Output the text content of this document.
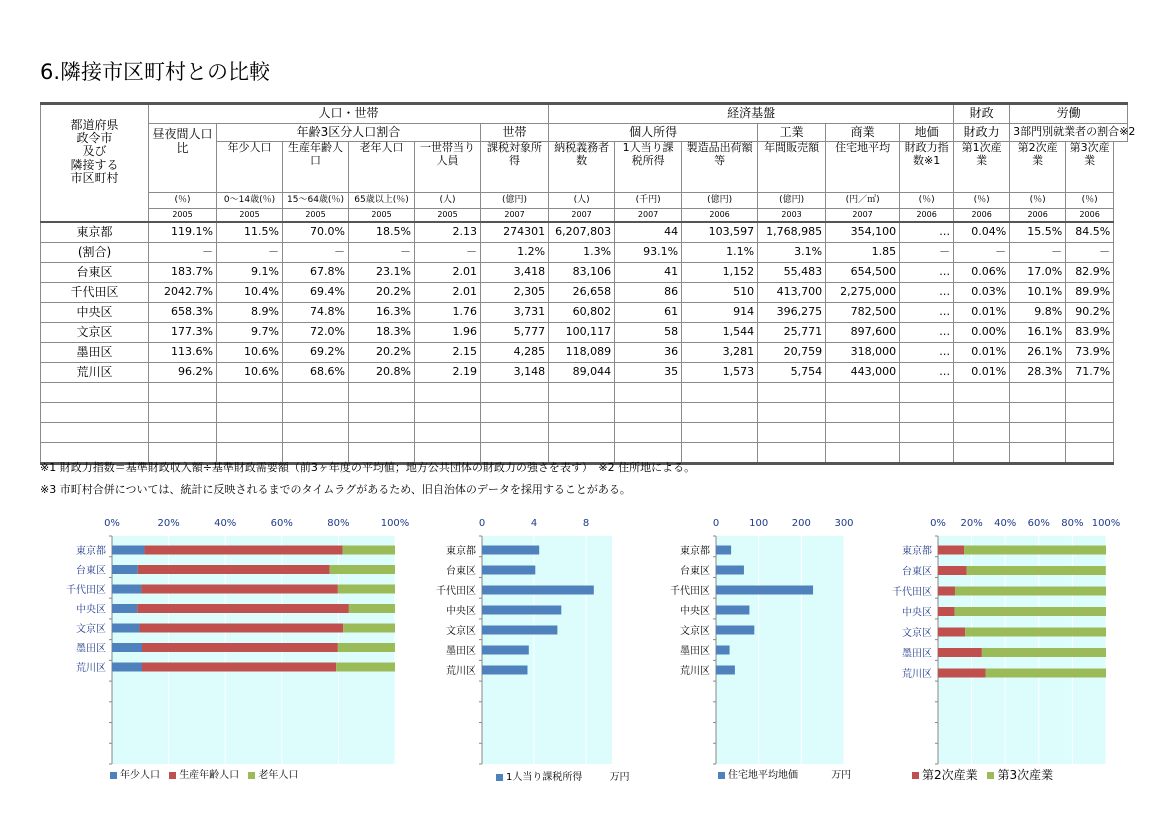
6.隣接市区町村との比較
都道府県
政令市
及び
隣接する
市区町村	人口・世帯						経済基盤						財政	労働	
	昼夜間人口比	年齢3区分人口割合				世帯	個人所得			工業	商業	地価	財政力	3部門別就業者の割合※2	
		年少人口	生産年齢人口	老年人口	一世帯当り人員	課税対象所得	納税義務者数	1人当り課税所得	製造品出荷額等	年間販売額	住宅地平均	財政力指数※1	第1次産業	第2次産業	第3次産業
	(％)	0～14歳(％)	15～64歳(％)	65歳以上(％)	(人)	(億円)	(人)	(千円)	(億円)	(億円)	(円／㎡)	(％)	(％)	(％)	(％)
	2005	2005	2005	2005	2005	2007	2007	2007	2006	2003	2007	2006	2006	2006	2006
東京都	119.1%	11.5%	70.0%	18.5%	2.13	274301	6,207,803	44	103,597	1,768,985	354,100	…	0.04%	15.5%	84.5%
(割合)	－	－	－	－	－	1.2%	1.3%	93.1%	1.1%	3.1%	1.85	－	－	－	－
台東区	183.7%	9.1%	67.8%	23.1%	2.01	3,418	83,106	41	1,152	55,483	654,500	…	0.06%	17.0%	82.9%
千代田区	2042.7%	10.4%	69.4%	20.2%	2.01	2,305	26,658	86	510	413,700	2,275,000	…	0.03%	10.1%	89.9%
中央区	658.3%	8.9%	74.8%	16.3%	1.76	3,731	60,802	61	914	396,275	782,500	…	0.01%	9.8%	90.2%
文京区	177.3%	9.7%	72.0%	18.3%	1.96	5,777	100,117	58	1,544	25,771	897,600	…	0.00%	16.1%	83.9%
墨田区	113.6%	10.6%	69.2%	20.2%	2.15	4,285	118,089	36	3,281	20,759	318,000	…	0.01%	26.1%	73.9%
荒川区	96.2%	10.6%	68.6%	20.8%	2.19	3,148	89,044	35	1,573	5,754	443,000	…	0.01%	28.3%	71.7%

※1 財政力指数＝基準財政収入額÷基準財政需要額（前3ヶ年度の平均値；地方公共団体の財政力の強さを表す）　※2 住所地による。
※3 市町村合併については、統計に反映されるまでのタイムラグがあるため、旧自治体のデータを採用することがある。
0%	20%	40%	60%	80%	100%
東京都
台東区
千代田区
中央区
文京区
墨田区
荒川区
0	4	8
東京都
台東区
千代田区
中央区
文京区
墨田区
荒川区
0	100 200 300
東京都
台東区
千代田区
中央区
文京区
墨田区
荒川区
0% 20% 40% 60% 80% 100%
東京都
台東区
千代田区
中央区
文京区
墨田区
荒川区
年少人口 生産年齢人口 老年人口	1人当り課税所得	万円	住宅地平均地価	万円	第2次産業 第3次産業
